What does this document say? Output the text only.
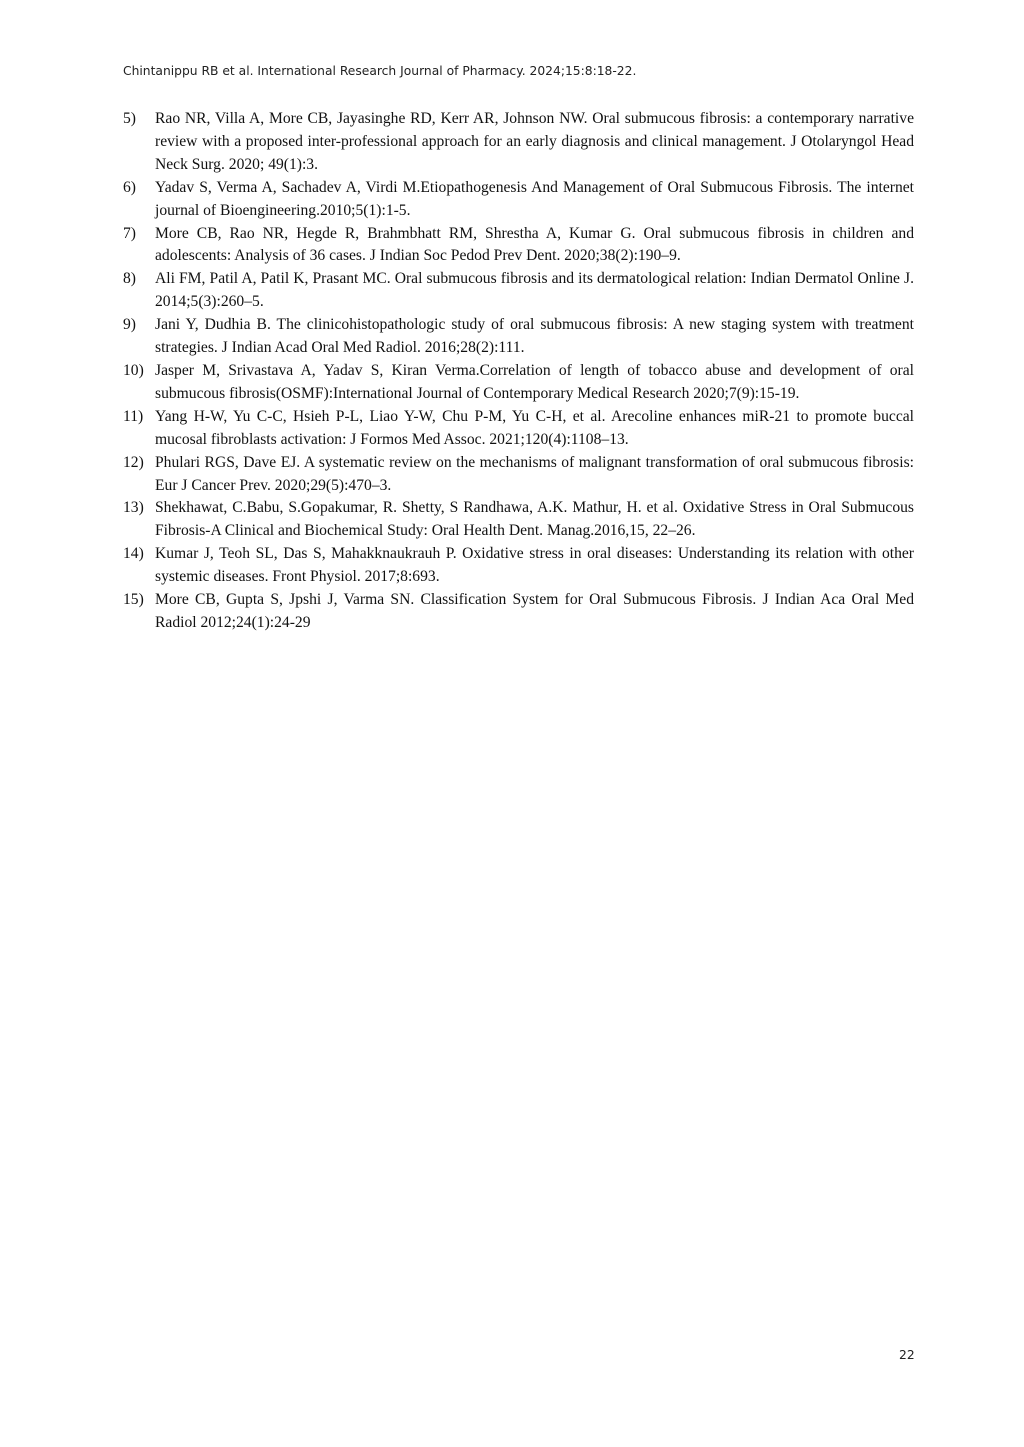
Chintanippu RB et al. International Research Journal of Pharmacy. 2024;15:8:18-22.
5)	Rao NR, Villa A, More CB, Jayasinghe RD, Kerr AR, Johnson NW. Oral submucous fibrosis: a contemporary narrative review with a proposed inter-professional approach for an early diagnosis and clinical management. J Otolaryngol Head Neck Surg. 2020; 49(1):3.
6)	Yadav S, Verma A, Sachadev A, Virdi M.Etiopathogenesis And Management of Oral Submucous Fibrosis. The internet journal of Bioengineering.2010;5(1):1-5.
7)	More CB, Rao NR, Hegde R, Brahmbhatt RM, Shrestha A, Kumar G. Oral submucous fibrosis in children and adolescents: Analysis of 36 cases. J Indian Soc Pedod Prev Dent. 2020;38(2):190–9.
8)	Ali FM, Patil A, Patil K, Prasant MC. Oral submucous fibrosis and its dermatological relation: Indian Dermatol Online J. 2014;5(3):260–5.
9)	Jani Y, Dudhia B. The clinicohistopathologic study of oral submucous fibrosis: A new staging system with treatment strategies. J Indian Acad Oral Med Radiol. 2016;28(2):111.
10) Jasper M, Srivastava A, Yadav S, Kiran Verma.Correlation of length of tobacco abuse and development of oral submucous fibrosis(OSMF):International Journal of Contemporary Medical Research 2020;7(9):15-19.
11) Yang H-W, Yu C-C, Hsieh P-L, Liao Y-W, Chu P-M, Yu C-H, et al. Arecoline enhances miR-21 to promote buccal mucosal fibroblasts activation: J Formos Med Assoc. 2021;120(4):1108–13.
12) Phulari RGS, Dave EJ. A systematic review on the mechanisms of malignant transformation of oral submucous fibrosis: Eur J Cancer Prev. 2020;29(5):470–3.
13) Shekhawat, C.Babu, S.Gopakumar, R. Shetty, S Randhawa, A.K. Mathur, H. et al. Oxidative Stress in Oral Submucous Fibrosis-A Clinical and Biochemical Study: Oral Health Dent. Manag.2016,15, 22–26.
14) Kumar J, Teoh SL, Das S, Mahakknaukrauh P. Oxidative stress in oral diseases: Understanding its relation with other systemic diseases. Front Physiol. 2017;8:693.
15) More CB, Gupta S, Jpshi J, Varma SN. Classification System for Oral Submucous Fibrosis. J Indian Aca Oral Med Radiol 2012;24(1):24-29
22
